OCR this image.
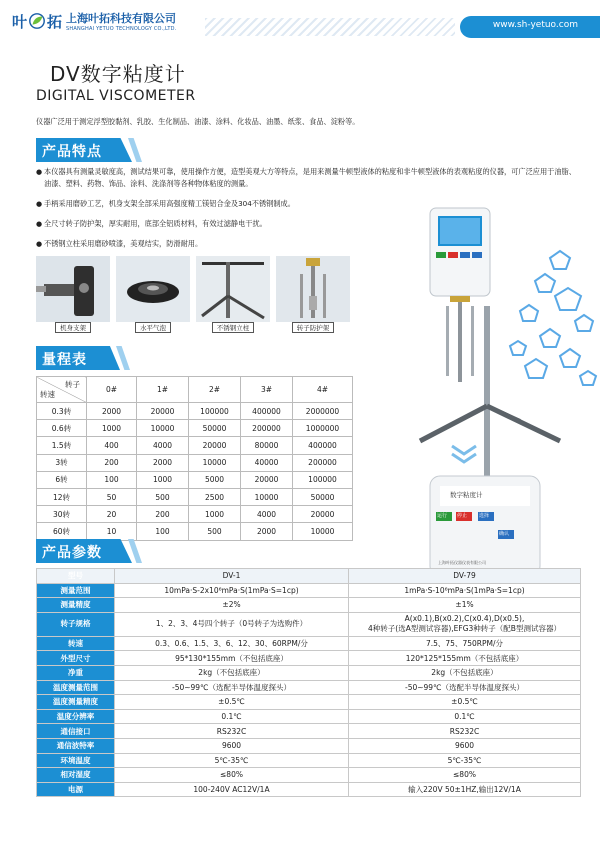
叶 拓 上海叶拓科技有限公司
SHANGHAI YETUO TECHNOLOGY CO.,LTD.	www.sh-yetuo.com
DV数字粘度计
DIGITAL VISCOMETER
仪器广泛用于测定浮型胶黏剂、乳胶、生化制品、油漆、涂料、化妆品、油墨、纸浆、食品、淀粉等。
产品特点
● 本仪器具有测量灵敏度高，测试结果可靠，使用操作方便，造型美观大方等特点，是用来测量牛顿型液体的粘度和非牛顿型液体的表观粘度的仪器，可广泛应用于油脂、油漆、塑料、药物、饰品、涂料、洗涤剂等各种物体粘度的测量。
● 手柄采用磨砂工艺，机身支架全部采用高强度精工镁铝合金及304不锈钢制成。
● 全尺寸转子防护架，厚实耐用，底部全铝质材料，有效过滤静电干扰。
● 不锈钢立柱采用磨砂喷漆，美观结实，防滑耐用。
机身支架	水平气泡	不锈钢立柱	转子防护架
数字粘度计
运行 停止 选择
确认
上海叶拓仪器仪表有限公司
量程表
转子
转速	0#	1#	2#	3#	4#
0.3转	2000	20000	100000	400000	2000000
0.6转	1000	10000	50000	200000	1000000
1.5转	400	4000	20000	80000	400000
3转	200	2000	10000	40000	200000
6转	100	1000	5000	20000	100000
12转	50	500	2500	10000	50000
30转	20	200	1000	4000	20000
60转	10	100	500	2000	10000
产品参数
型号	DV-1	DV-79
测量范围	10mPa·S-2x10⁶mPa·S(1mPa·S=1cp)	1mPa·S-10⁶mPa·S(1mPa·S=1cp)
测量精度	±2%	±1%
转子规格	1、2、3、4号四个转子（0号转子为选购件）	A(x0.1),B(x0.2),C(x0.4),D(x0.5),
4种转子(选A型测试容器),EFG3种转子（配B型测试容器）
转速	0.3、0.6、1.5、3、6、12、30、60RPM/分	7.5、75、750RPM/分
外型尺寸	95*130*155mm（不包括底座）	120*125*155mm（不包括底座）
净重	2kg（不包括底座）	2kg（不包括底座）
温度测量范围	-50~99℃（选配半导体温度探头）	-50~99℃（选配半导体温度探头）
温度测量精度	±0.5℃	±0.5℃
温度分辨率	0.1℃	0.1℃
通信接口	RS232C	RS232C
通信波特率	9600	9600
环境温度	5℃-35℃	5℃-35℃
相对湿度	≤80%	≤80%
电源	100-240V AC12V/1A	输入220V 50±1HZ,输出12V/1A
